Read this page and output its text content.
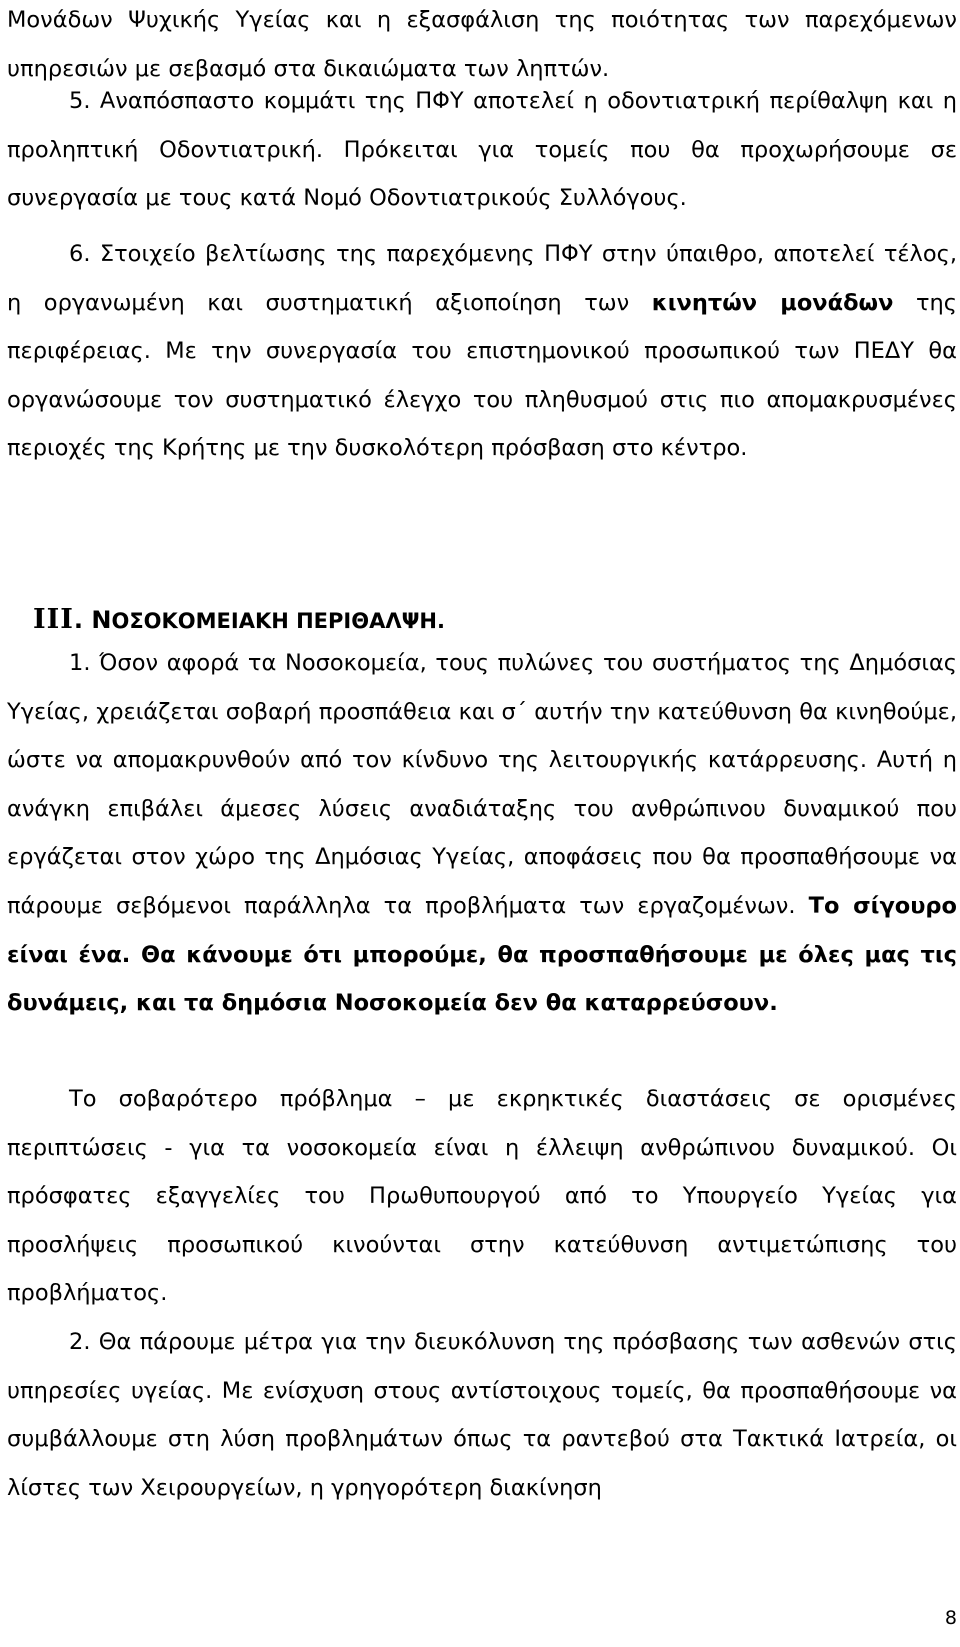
Μονάδων Ψυχικής Υγείας και η εξασφάλιση της ποιότητας των παρεχόμενων
υπηρεσιών με σεβασμό στα δικαιώματα των ληπτών.

5. Αναπόσπαστο κομμάτι της ΠΦΥ αποτελεί η οδοντιατρική περίθαλψη και η προληπτική Οδοντιατρική. Πρόκειται για τομείς που θα προχωρήσουμε σε συνεργασία με τους κατά Νομό Οδοντιατρικούς Συλλόγους.

6. Στοιχείο βελτίωσης της παρεχόμενης ΠΦΥ στην ύπαιθρο, αποτελεί τέλος, η οργανωμένη και συστηματική αξιοποίηση των κινητών μονάδων της περιφέρειας. Με την συνεργασία του επιστημονικού προσωπικού των ΠΕΔΥ θα οργανώσουμε τον συστηματικό έλεγχο του πληθυσμού στις πιο απομακρυσμένες περιοχές της Κρήτης με την δυσκολότερη πρόσβαση στο κέντρο.

ΙΙΙ. ΝΟΣΟΚΟΜΕΙΑΚΗ ΠΕΡΙΘΑΛΨΗ.

1. Όσον αφορά τα Νοσοκομεία, τους πυλώνες του συστήματος της Δημόσιας Υγείας, χρειάζεται σοβαρή προσπάθεια και σ΄ αυτήν την κατεύθυνση θα κινηθούμε, ώστε να απομακρυνθούν από τον κίνδυνο της λειτουργικής κατάρρευσης. Αυτή η ανάγκη επιβάλει άμεσες λύσεις αναδιάταξης του ανθρώπινου δυναμικού που εργάζεται στον χώρο της Δημόσιας Υγείας, αποφάσεις που θα προσπαθήσουμε να πάρουμε σεβόμενοι παράλληλα τα προβλήματα των εργαζομένων. Το σίγουρο είναι ένα. Θα κάνουμε ότι μπορούμε, θα προσπαθήσουμε με όλες μας τις δυνάμεις, και τα δημόσια Νοσοκομεία δεν θα καταρρεύσουν.

Το σοβαρότερο πρόβλημα – με εκρηκτικές διαστάσεις σε ορισμένες περιπτώσεις - για τα νοσοκομεία είναι η έλλειψη ανθρώπινου δυναμικού. Οι πρόσφατες εξαγγελίες του Πρωθυπουργού από το Υπουργείο Υγείας για προσλήψεις προσωπικού κινούνται στην κατεύθυνση αντιμετώπισης του προβλήματος.

2. Θα πάρουμε μέτρα για την διευκόλυνση της πρόσβασης των ασθενών στις υπηρεσίες υγείας. Με ενίσχυση στους αντίστοιχους τομείς, θα προσπαθήσουμε να συμβάλλουμε στη λύση προβλημάτων όπως τα ραντεβού στα Τακτικά Ιατρεία, οι λίστες των Χειρουργείων, η γρηγορότερη διακίνηση

8
